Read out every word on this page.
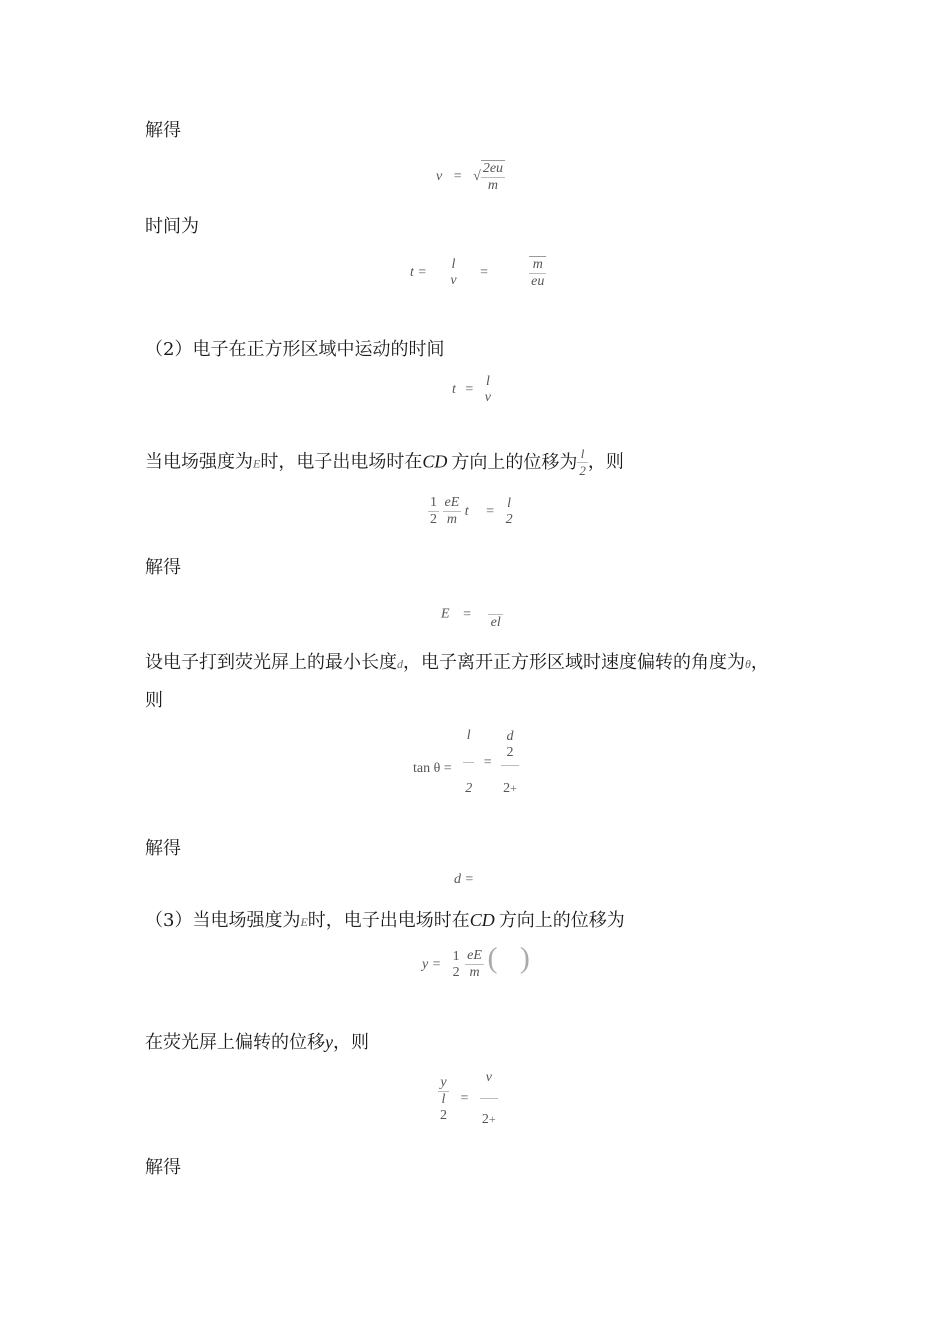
解得
v = √ $\frac{2eu}{m}$
时间为
t =
l
v
=	$\frac{m}{eu}$
（2）电子在正方形区域中运动的时间
t =
l
v
当电场强度为E时，电子出电场时在CD 方向上的位移为 $\frac{l}{2}$ ，则
$\frac{1}{2}$
$\frac{eE}{m}$ t =
l
2
解得
E =

el
设电子打到荧光屏上的最小长度d，电子离开正方形区域时速度偏转的角度为θ，
则
$\tan \theta = \frac{l}{2}$ =
d
2
2+
解得
d =
（3）当电场强度为E时，电子出电场时在CD 方向上的位移为
y =
1
2
$\frac{eE}{m}$ (   )
在荧光屏上偏转的位移y，则
y
l
2
= $\frac{v}{2+}$
解得
